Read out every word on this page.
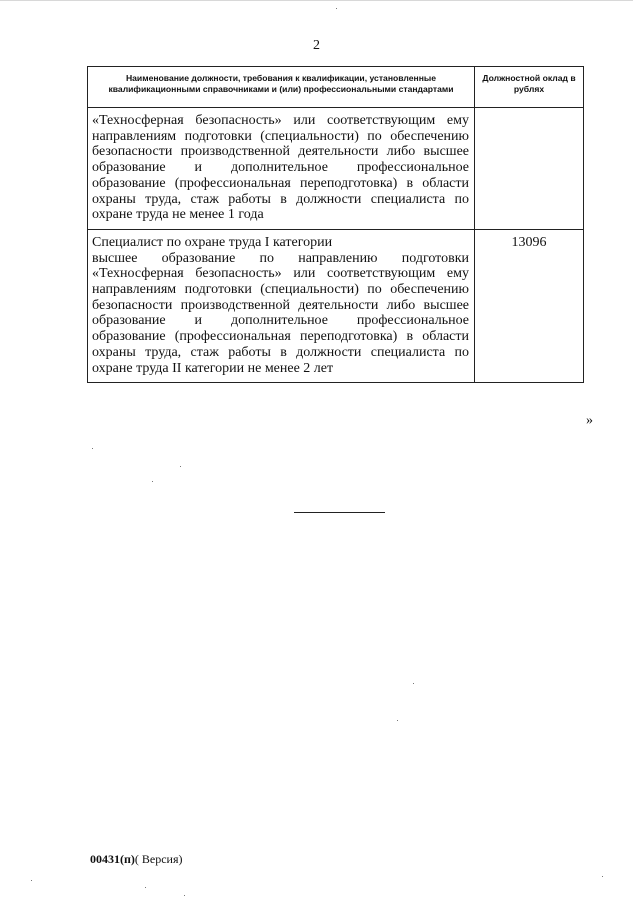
2
Наименование должности, требования к квалификации, установленные квалификационными справочниками и (или) профессиональными стандартами	Должностной оклад в рублях

«Техносферная безопасность» или соответствующим ему направлениям подготовки (специальности) по обеспечению безопасности производственной деятельности либо высшее образование и дополнительное профессиональное образование (профессиональная переподготовка) в области охраны труда, стаж работы в должности специалиста по охране труда не менее 1 года	

Специалист по охране труда I категории
высшее образование по направлению подготовки «Техносферная безопасность» или соответствующим ему направлениям подготовки (специальности) по обеспечению безопасности производственной деятельности либо высшее образование и дополнительное профессиональное образование (профессиональная переподготовка) в области охраны труда, стаж работы в должности специалиста по охране труда II категории не менее 2 лет	13096
»
00431(п)( Версия)
